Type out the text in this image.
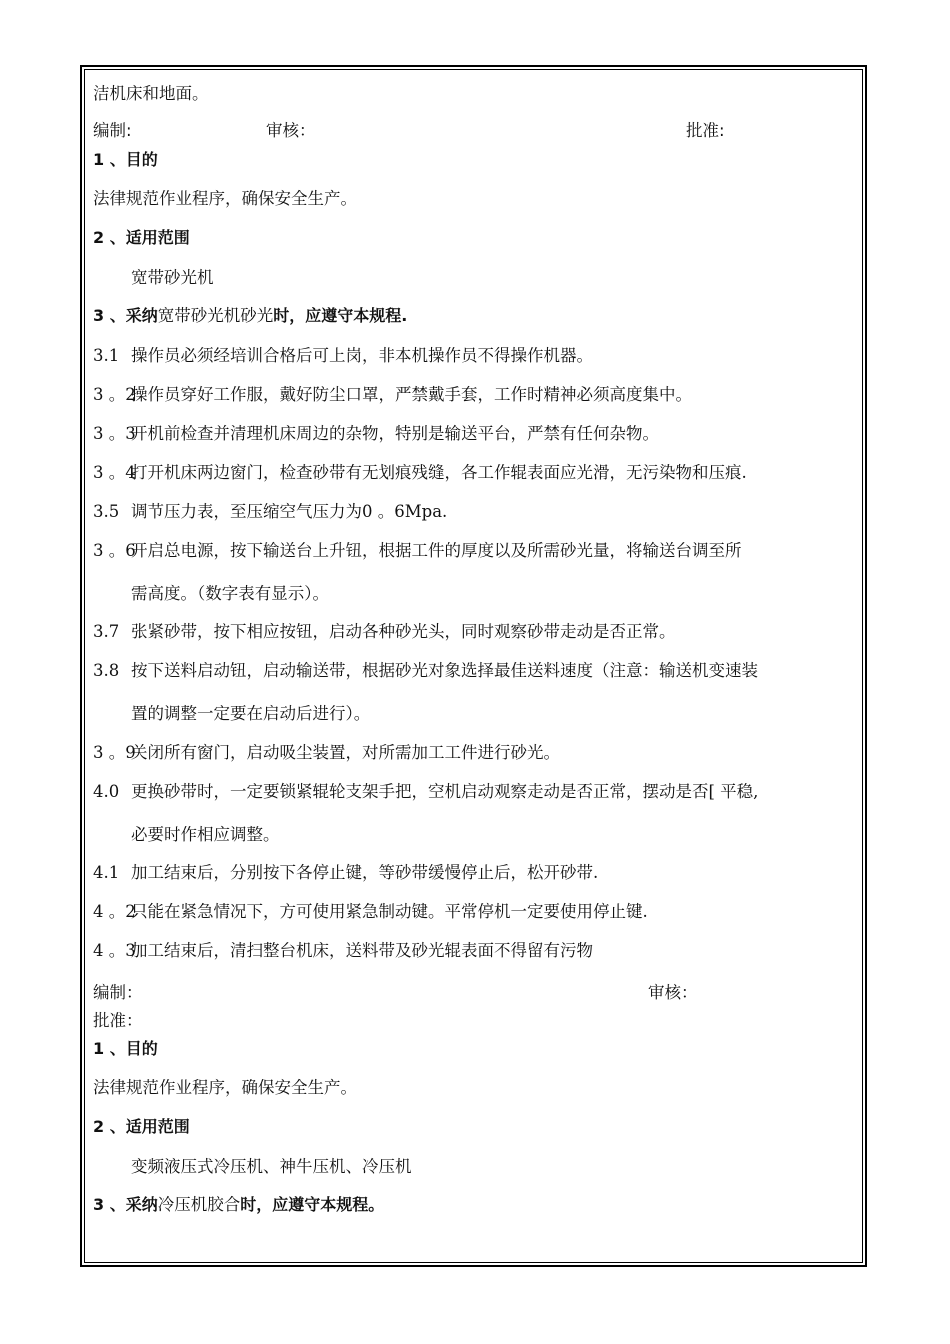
洁机床和地面。
编制:	审核：	批准:
1 、目的
法律规范作业程序，确保安全生产。
2 、适用范围
宽带砂光机
3 、采纳宽带砂光机砂光时，应遵守本规程.
3.1 操作员必须经培训合格后可上岗，非本机操作员不得操作机器。
3 。2操作员穿好工作服，戴好防尘口罩，严禁戴手套，工作时精神必须高度集中。
3 。3开机前检查并清理机床周边的杂物，特别是输送平台，严禁有任何杂物。
3 。4打开机床两边窗门，检查砂带有无划痕残缝，各工作辊表面应光滑，无污染物和压痕.
3.5 调节压力表，至压缩空气压力为0 。6Mpa.
3 。6开启总电源，按下输送台上升钮，根据工件的厚度以及所需砂光量，将输送台调至所
需高度。（数字表有显示）。
3.7 张紧砂带，按下相应按钮，启动各种砂光头，同时观察砂带走动是否正常。
3.8 按下送料启动钮，启动输送带，根据砂光对象选择最佳送料速度（注意：输送机变速装
置的调整一定要在启动后进行）。
3 。9关闭所有窗门，启动吸尘装置，对所需加工工件进行砂光。
4.0 更换砂带时，一定要锁紧辊轮支架手把，空机启动观察走动是否正常，摆动是否[ 平稳,
必要时作相应调整。
4.1 加工结束后，分别按下各停止键，等砂带缓慢停止后，松开砂带.
4 。2只能在紧急情况下，方可使用紧急制动键。平常停机一定要使用停止键.
4 。3加工结束后，清扫整台机床，送料带及砂光辊表面不得留有污物
编制：	审核：
批准：
1 、目的
法律规范作业程序，确保安全生产。
2 、适用范围
变频液压式冷压机、神牛压机、冷压机
3 、采纳冷压机胶合时，应遵守本规程。
